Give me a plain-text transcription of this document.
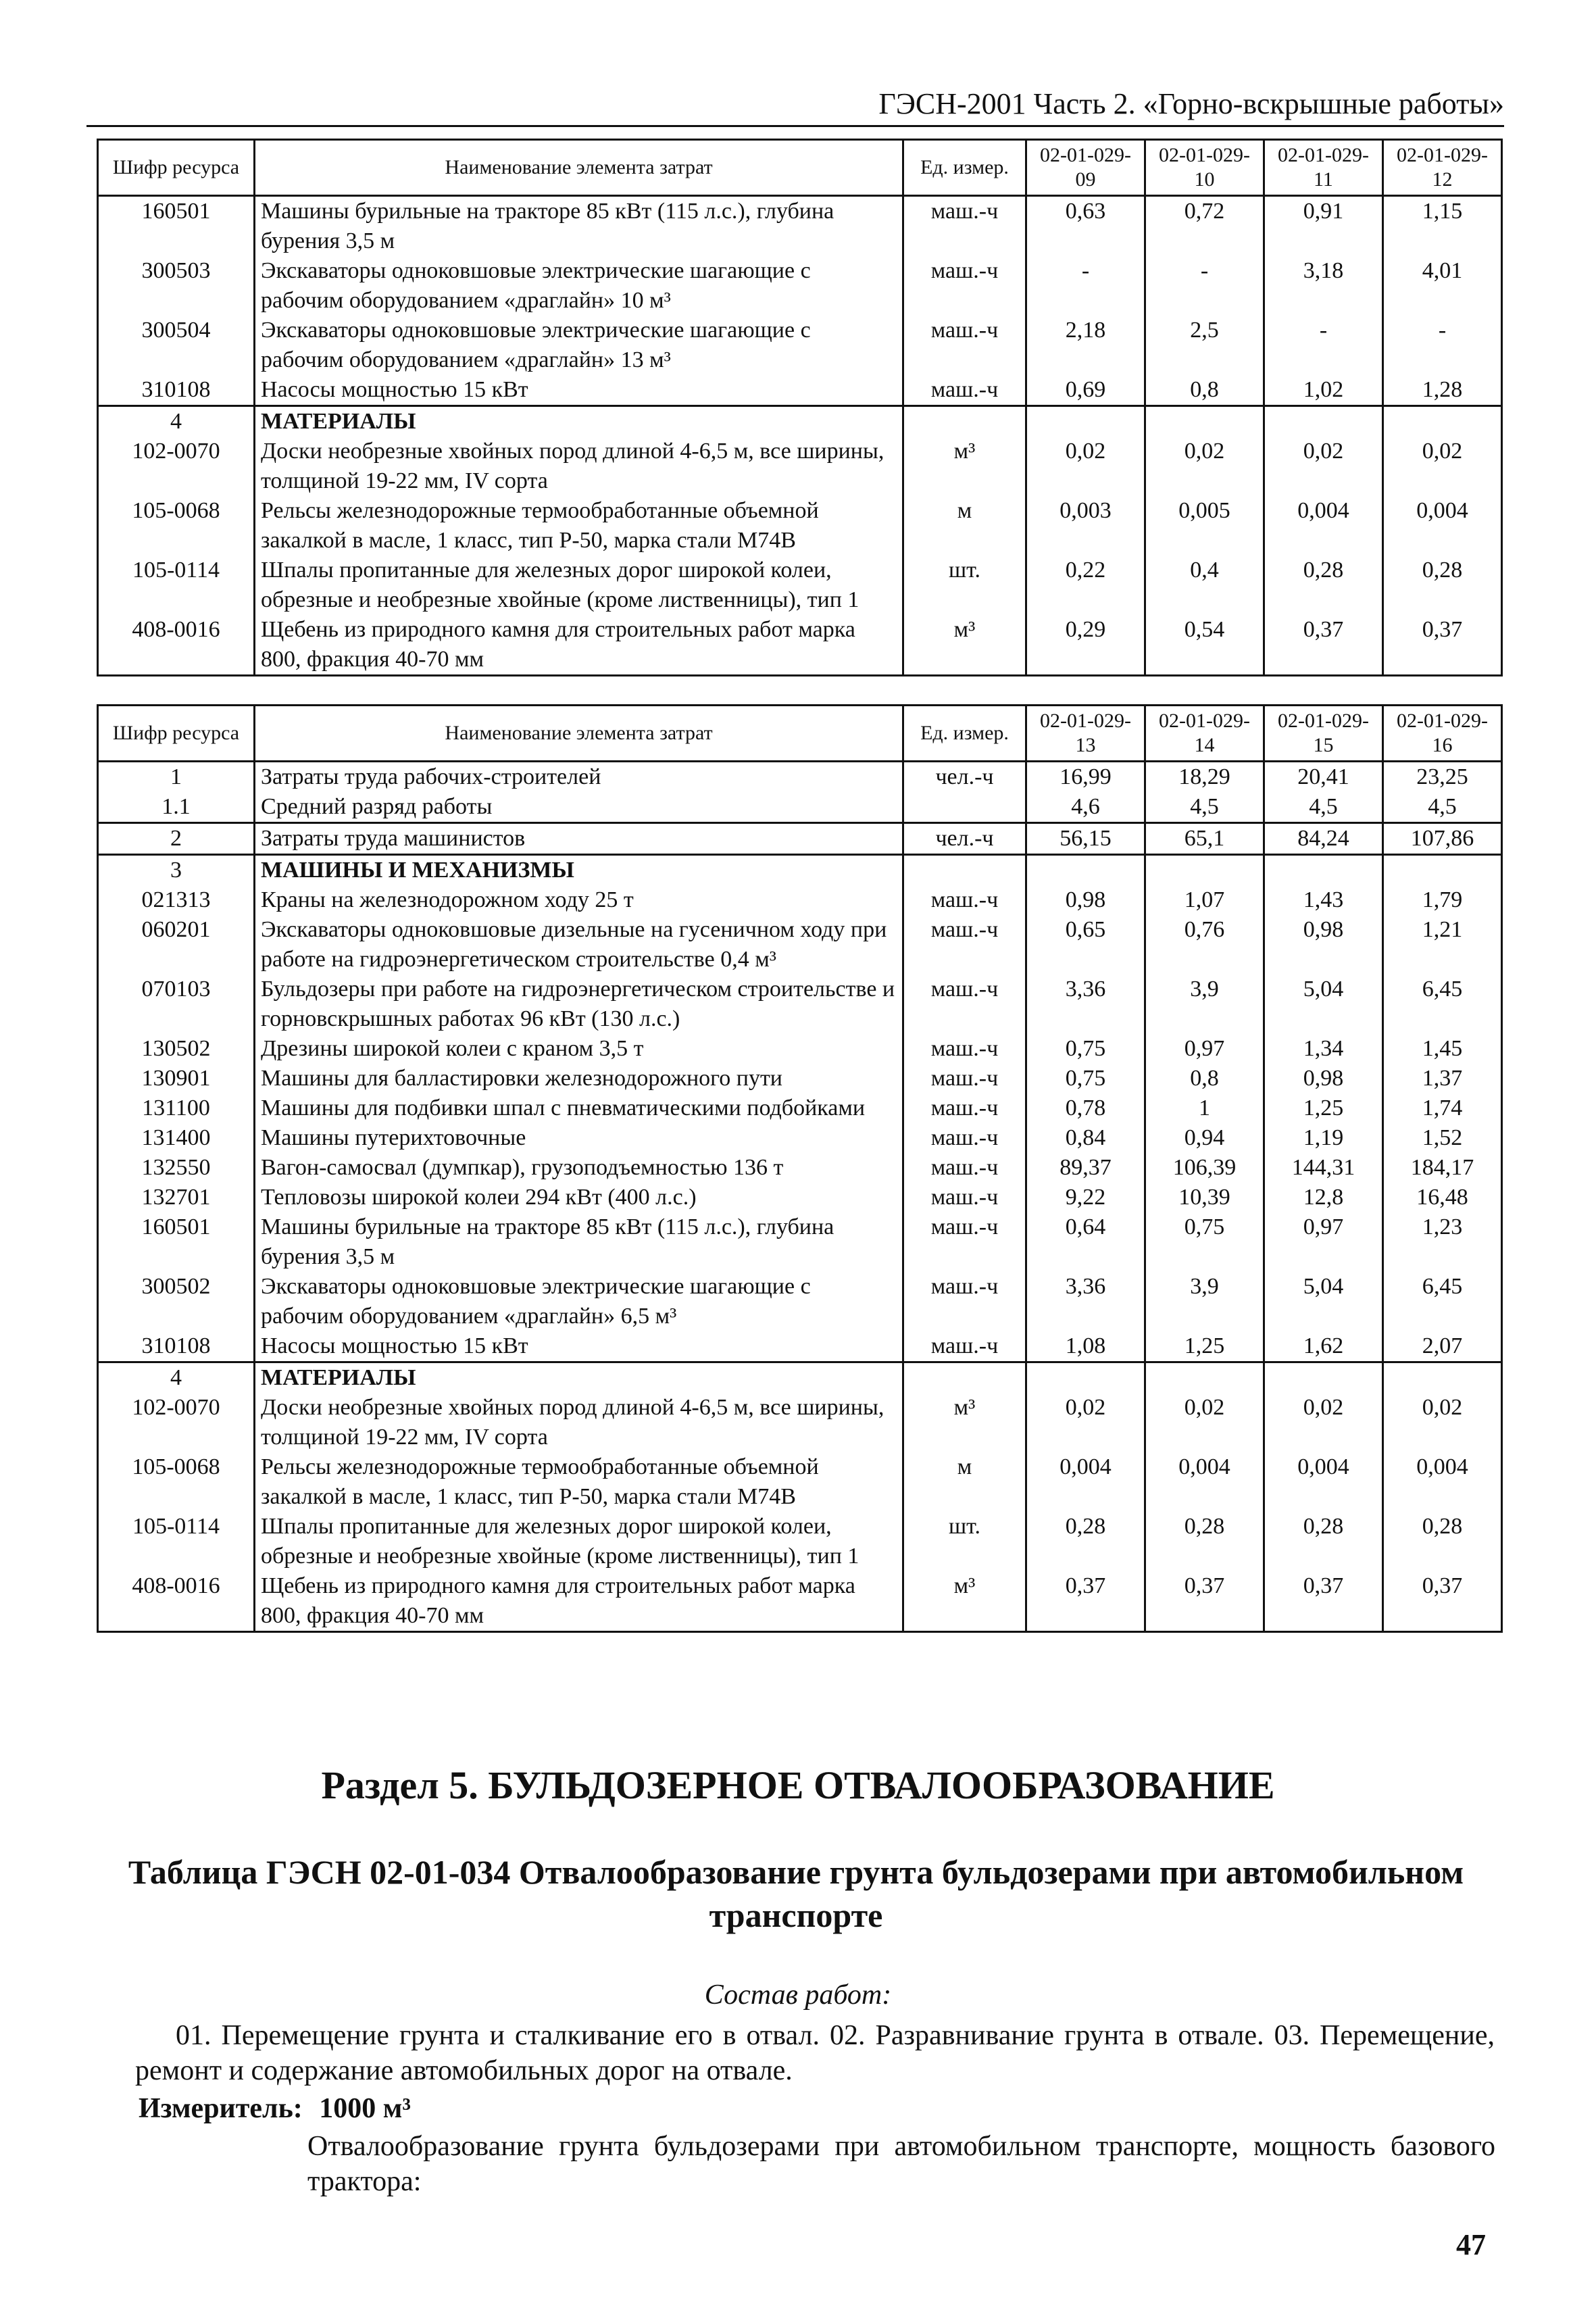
ГЭСН-2001 Часть 2. «Горно-вскрышные работы»
Шифр ресурса	Наименование элемента затрат	Ед. измер.	02-01-029-09	02-01-029-10	02-01-029-11	02-01-029-12
160501	Машины бурильные на тракторе 85 кВт (115 л.с.), глубина бурения 3,5 м	маш.-ч	0,63	0,72	0,91	1,15
300503	Экскаваторы одноковшовые электрические шагающие с рабочим оборудованием «драглайн» 10 м³	маш.-ч	-	-	3,18	4,01
300504	Экскаваторы одноковшовые электрические шагающие с рабочим оборудованием «драглайн» 13 м³	маш.-ч	2,18	2,5	-	-
310108	Насосы мощностью 15 кВт	маш.-ч	0,69	0,8	1,02	1,28
4	МАТЕРИАЛЫ					
102-0070	Доски необрезные хвойных пород длиной 4-6,5 м, все ширины, толщиной 19-22 мм, IV сорта	м³	0,02	0,02	0,02	0,02
105-0068	Рельсы железнодорожные термообработанные объемной закалкой в масле, 1 класс, тип Р-50, марка стали М74В	м	0,003	0,005	0,004	0,004
105-0114	Шпалы пропитанные для железных дорог широкой колеи, обрезные и необрезные хвойные (кроме лиственницы), тип 1	шт.	0,22	0,4	0,28	0,28
408-0016	Щебень из природного камня для строительных работ марка 800, фракция 40-70 мм	м³	0,29	0,54	0,37	0,37
Шифр ресурса	Наименование элемента затрат	Ед. измер.	02-01-029-13	02-01-029-14	02-01-029-15	02-01-029-16
1	Затраты труда рабочих-строителей	чел.-ч	16,99	18,29	20,41	23,25
1.1	Средний разряд работы		4,6	4,5	4,5	4,5
2	Затраты труда машинистов	чел.-ч	56,15	65,1	84,24	107,86
3	МАШИНЫ И МЕХАНИЗМЫ					
021313	Краны на железнодорожном ходу 25 т	маш.-ч	0,98	1,07	1,43	1,79
060201	Экскаваторы одноковшовые дизельные на гусеничном ходу при работе на гидроэнергетическом строительстве 0,4 м³	маш.-ч	0,65	0,76	0,98	1,21
070103	Бульдозеры при работе на гидроэнергетическом строительстве и горновскрышных работах 96 кВт (130 л.с.)	маш.-ч	3,36	3,9	5,04	6,45
130502	Дрезины широкой колеи с краном 3,5 т	маш.-ч	0,75	0,97	1,34	1,45
130901	Машины для балластировки железнодорожного пути	маш.-ч	0,75	0,8	0,98	1,37
131100	Машины для подбивки шпал с пневматическими подбойками	маш.-ч	0,78	1	1,25	1,74
131400	Машины путерихтовочные	маш.-ч	0,84	0,94	1,19	1,52
132550	Вагон-самосвал (думпкар), грузоподъемностью 136 т	маш.-ч	89,37	106,39	144,31	184,17
132701	Тепловозы широкой колеи 294 кВт (400 л.с.)	маш.-ч	9,22	10,39	12,8	16,48
160501	Машины бурильные на тракторе 85 кВт (115 л.с.), глубина бурения 3,5 м	маш.-ч	0,64	0,75	0,97	1,23
300502	Экскаваторы одноковшовые электрические шагающие с рабочим оборудованием «драглайн» 6,5 м³	маш.-ч	3,36	3,9	5,04	6,45
310108	Насосы мощностью 15 кВт	маш.-ч	1,08	1,25	1,62	2,07
4	МАТЕРИАЛЫ					
102-0070	Доски необрезные хвойных пород длиной 4-6,5 м, все ширины, толщиной 19-22 мм, IV сорта	м³	0,02	0,02	0,02	0,02
105-0068	Рельсы железнодорожные термообработанные объемной закалкой в масле, 1 класс, тип Р-50, марка стали М74В	м	0,004	0,004	0,004	0,004
105-0114	Шпалы пропитанные для железных дорог широкой колеи, обрезные и необрезные хвойные (кроме лиственницы), тип 1	шт.	0,28	0,28	0,28	0,28
408-0016	Щебень из природного камня для строительных работ марка 800, фракция 40-70 мм	м³	0,37	0,37	0,37	0,37
Раздел 5. БУЛЬДОЗЕРНОЕ ОТВАЛООБРАЗОВАНИЕ
Таблица ГЭСН 02-01-034 Отвалообразование грунта бульдозерами при автомобильном транспорте
Состав работ:
01. Перемещение грунта и сталкивание его в отвал. 02. Разравнивание грунта в отвале. 03. Перемещение, ремонт и содержание автомобильных дорог на отвале.
Измеритель: 1000 м³
Отвалообразование грунта бульдозерами при автомобильном транспорте, мощность базового трактора:
47
